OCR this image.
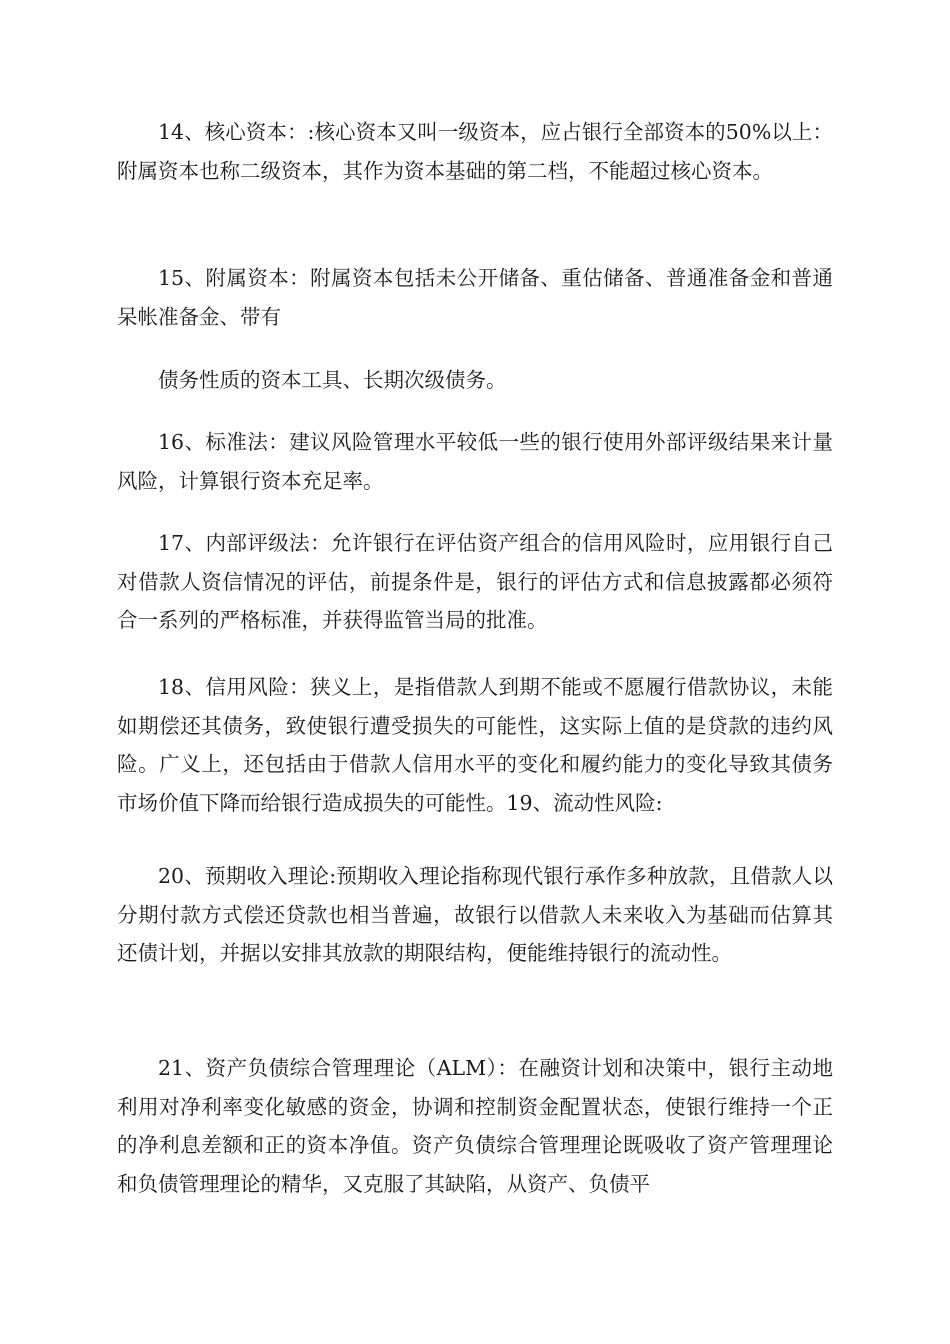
14、核心资本：:核心资本又叫一级资本，应占银行全部资本的50%以上：附属资本也称二级资本，其作为资本基础的第二档，不能超过核心资本。

15、附属资本：附属资本包括未公开储备、重估储备、普通准备金和普通呆帐准备金、带有

债务性质的资本工具、长期次级债务。

16、标准法：建议风险管理水平较低一些的银行使用外部评级结果来计量风险，计算银行资本充足率。

17、内部评级法：允许银行在评估资产组合的信用风险时，应用银行自己对借款人资信情况的评估，前提条件是，银行的评估方式和信息披露都必须符合一系列的严格标准，并获得监管当局的批准。

18、信用风险：狭义上，是指借款人到期不能或不愿履行借款协议，未能如期偿还其债务，致使银行遭受损失的可能性，这实际上值的是贷款的违约风险。广义上，还包括由于借款人信用水平的变化和履约能力的变化导致其债务市场价值下降而给银行造成损失的可能性。19、流动性风险:

20、预期收入理论:预期收入理论指称现代银行承作多种放款，且借款人以分期付款方式偿还贷款也相当普遍，故银行以借款人未来收入为基础而估算其还债计划，并据以安排其放款的期限结构，便能维持银行的流动性。

21、资产负债综合管理理论（ALM）：在融资计划和决策中，银行主动地利用对净利率变化敏感的资金，协调和控制资金配置状态，使银行维持一个正的净利息差额和正的资本净值。资产负债综合管理理论既吸收了资产管理理论和负债管理理论的精华，又克服了其缺陷，从资产、负债平
